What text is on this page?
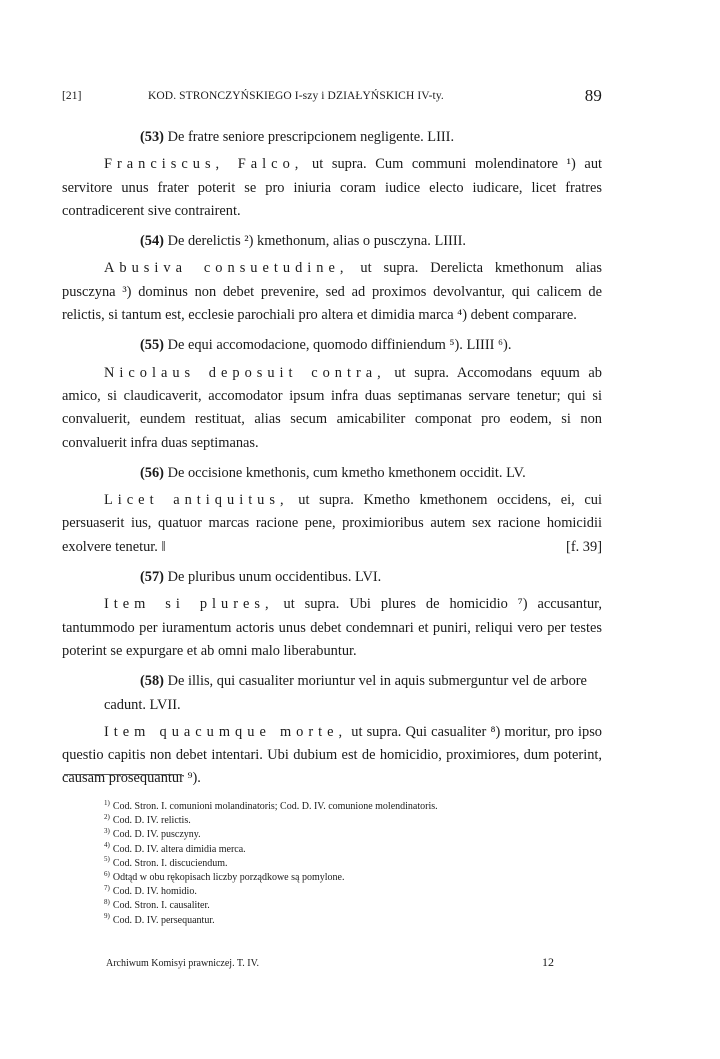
[21]	KOD. STRONCZYŃSKIEGO I-szy i DZIAŁYŃSKICH IV-ty.	89
(53) De fratre seniore prescripcionem negligente. LIII.

Franciscus, Falco, ut supra. Cum communi molendinatore ¹) aut servitore unus frater poterit se pro iniuria coram iudice electo iudicare, licet fratres contradicerent sive contrairent.

(54) De derelictis ²) kmethonum, alias o pusczyna. LIIII.

Abusiva consuetudine, ut supra. Derelicta kmethonum alias pusczyna ³) dominus non debet prevenire, sed ad proximos devolvantur, qui calicem de relictis, si tantum est, ecclesie parochiali pro altera et dimidia marca ⁴) debent comparare.

(55) De equi accomodacione, quomodo diffiniendum ⁵). LIIII ⁶).

Nicolaus deposuit contra, ut supra. Accomodans equum ab amico, si claudicaverit, accomodator ipsum infra duas septimanas servare tenetur; qui si convaluerit, eundem restituat, alias secum amicabiliter componat pro eodem, si non convaluerit infra duas septimanas.

(56) De occisione kmethonis, cum kmetho kmethonem occidit. LV.

Licet antiquitus, ut supra. Kmetho kmethonem occidens, ei, cui persuaserit ius, quatuor marcas racione pene, proximioribus autem sex racione homicidii exolvere tenetur. ‖	[f. 39]

(57) De pluribus unum occidentibus. LVI.

Item si plures, ut supra. Ubi plures de homicidio ⁷) accusantur, tantummodo per iuramentum actoris unus debet condemnari et puniri, reliqui vero per testes poterint se expurgare et ab omni malo liberabuntur.

(58) De illis, qui casualiter moriuntur vel in aquis submerguntur vel de arbore cadunt. LVII.

Item quacumque morte, ut supra. Qui casualiter ⁸) moritur, pro ipso questio capitis non debet intentari. Ubi dubium est de homicidio, proximiores, dum poterint, causam prosequantur ⁹).

$^{1)}$ Cod. Stron. I. comunioni molandinatoris; Cod. D. IV. comunione molendinatoris.
$^{2)}$ Cod. D. IV. relictis.
$^{3)}$ Cod. D. IV. pusczyny.
$^{4)}$ Cod. D. IV. altera dimidia merca.
$^{5)}$ Cod. Stron. I. discuciendum.
$^{6)}$ Odtąd w obu rękopisach liczby porządkowe są pomylone.
$^{7)}$ Cod. D. IV. homidio.
$^{8)}$ Cod. Stron. I. causaliter.
$^{9)}$ Cod. D. IV. persequantur.
Archiwum Komisyi prawniczej. T. IV.	12
